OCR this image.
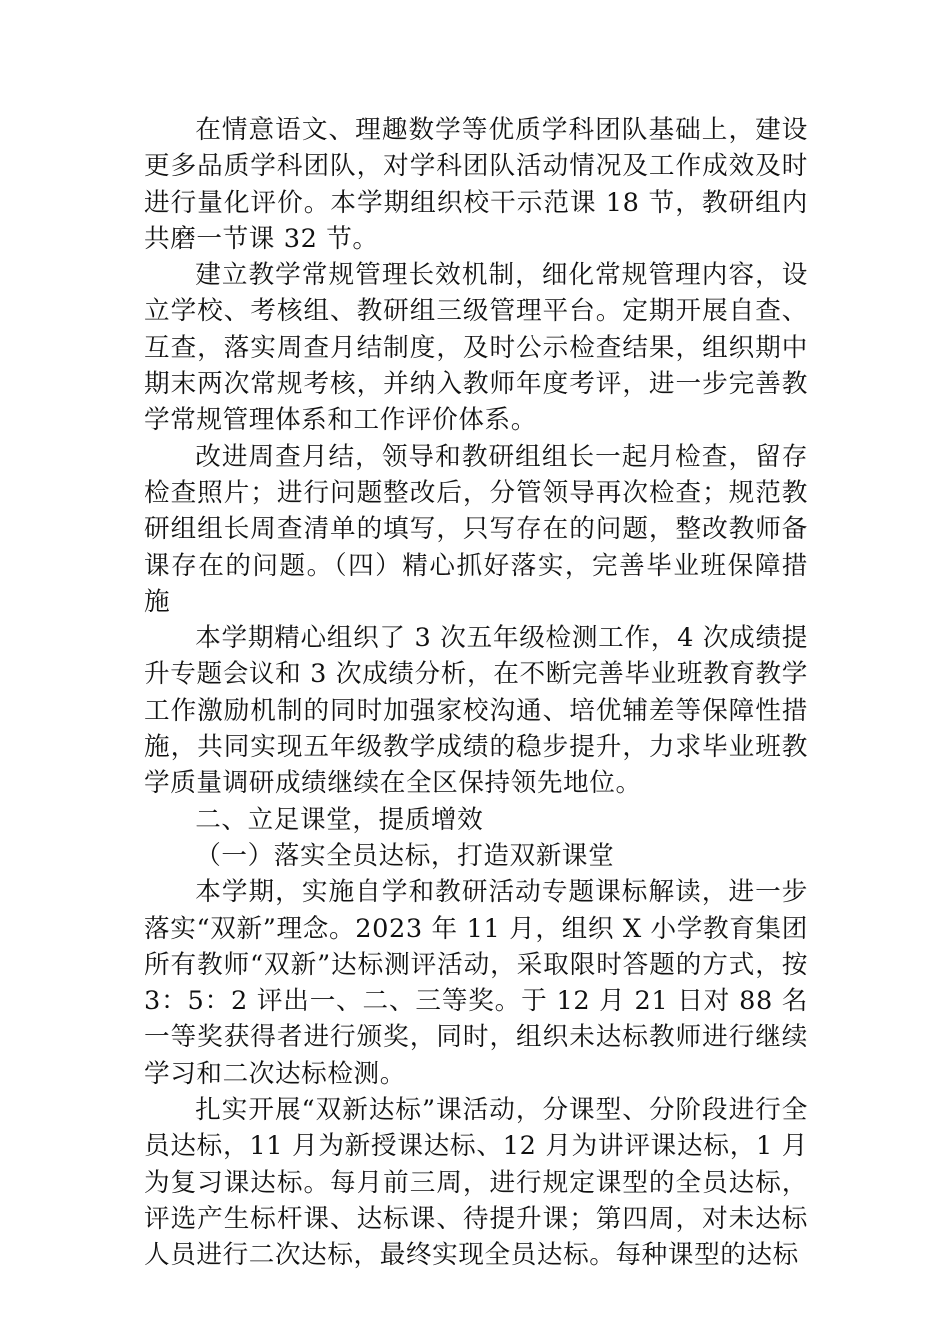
在情意语文、理趣数学等优质学科团队基础上，建设更多品质学科团队，对学科团队活动情况及工作成效及时进行量化评价。本学期组织校干示范课 18 节，教研组内共磨一节课 32 节。

建立教学常规管理长效机制，细化常规管理内容，设立学校、考核组、教研组三级管理平台。定期开展自查、互查，落实周查月结制度，及时公示检查结果，组织期中期末两次常规考核，并纳入教师年度考评，进一步完善教学常规管理体系和工作评价体系。

改进周查月结，领导和教研组组长一起月检查，留存检查照片；进行问题整改后，分管领导再次检查；规范教研组组长周查清单的填写，只写存在的问题，整改教师备课存在的问题。（四）精心抓好落实，完善毕业班保障措施

本学期精心组织了 3 次五年级检测工作，4 次成绩提升专题会议和 3 次成绩分析，在不断完善毕业班教育教学工作激励机制的同时加强家校沟通、培优辅差等保障性措施，共同实现五年级教学成绩的稳步提升，力求毕业班教学质量调研成绩继续在全区保持领先地位。

二、立足课堂，提质增效

（一）落实全员达标，打造双新课堂

本学期，实施自学和教研活动专题课标解读，进一步落实“双新”理念。2023 年 11 月，组织 X 小学教育集团所有教师“双新”达标测评活动，采取限时答题的方式，按3：5：2 评出一、二、三等奖。于 12 月 21 日对 88 名一等奖获得者进行颁奖，同时，组织未达标教师进行继续学习和二次达标检测。

扎实开展“双新达标”课活动，分课型、分阶段进行全员达标，11 月为新授课达标、12 月为讲评课达标，1 月为复习课达标。每月前三周，进行规定课型的全员达标，评选产生标杆课、达标课、待提升课；第四周，对未达标人员进行二次达标，最终实现全员达标。每种课型的达标
